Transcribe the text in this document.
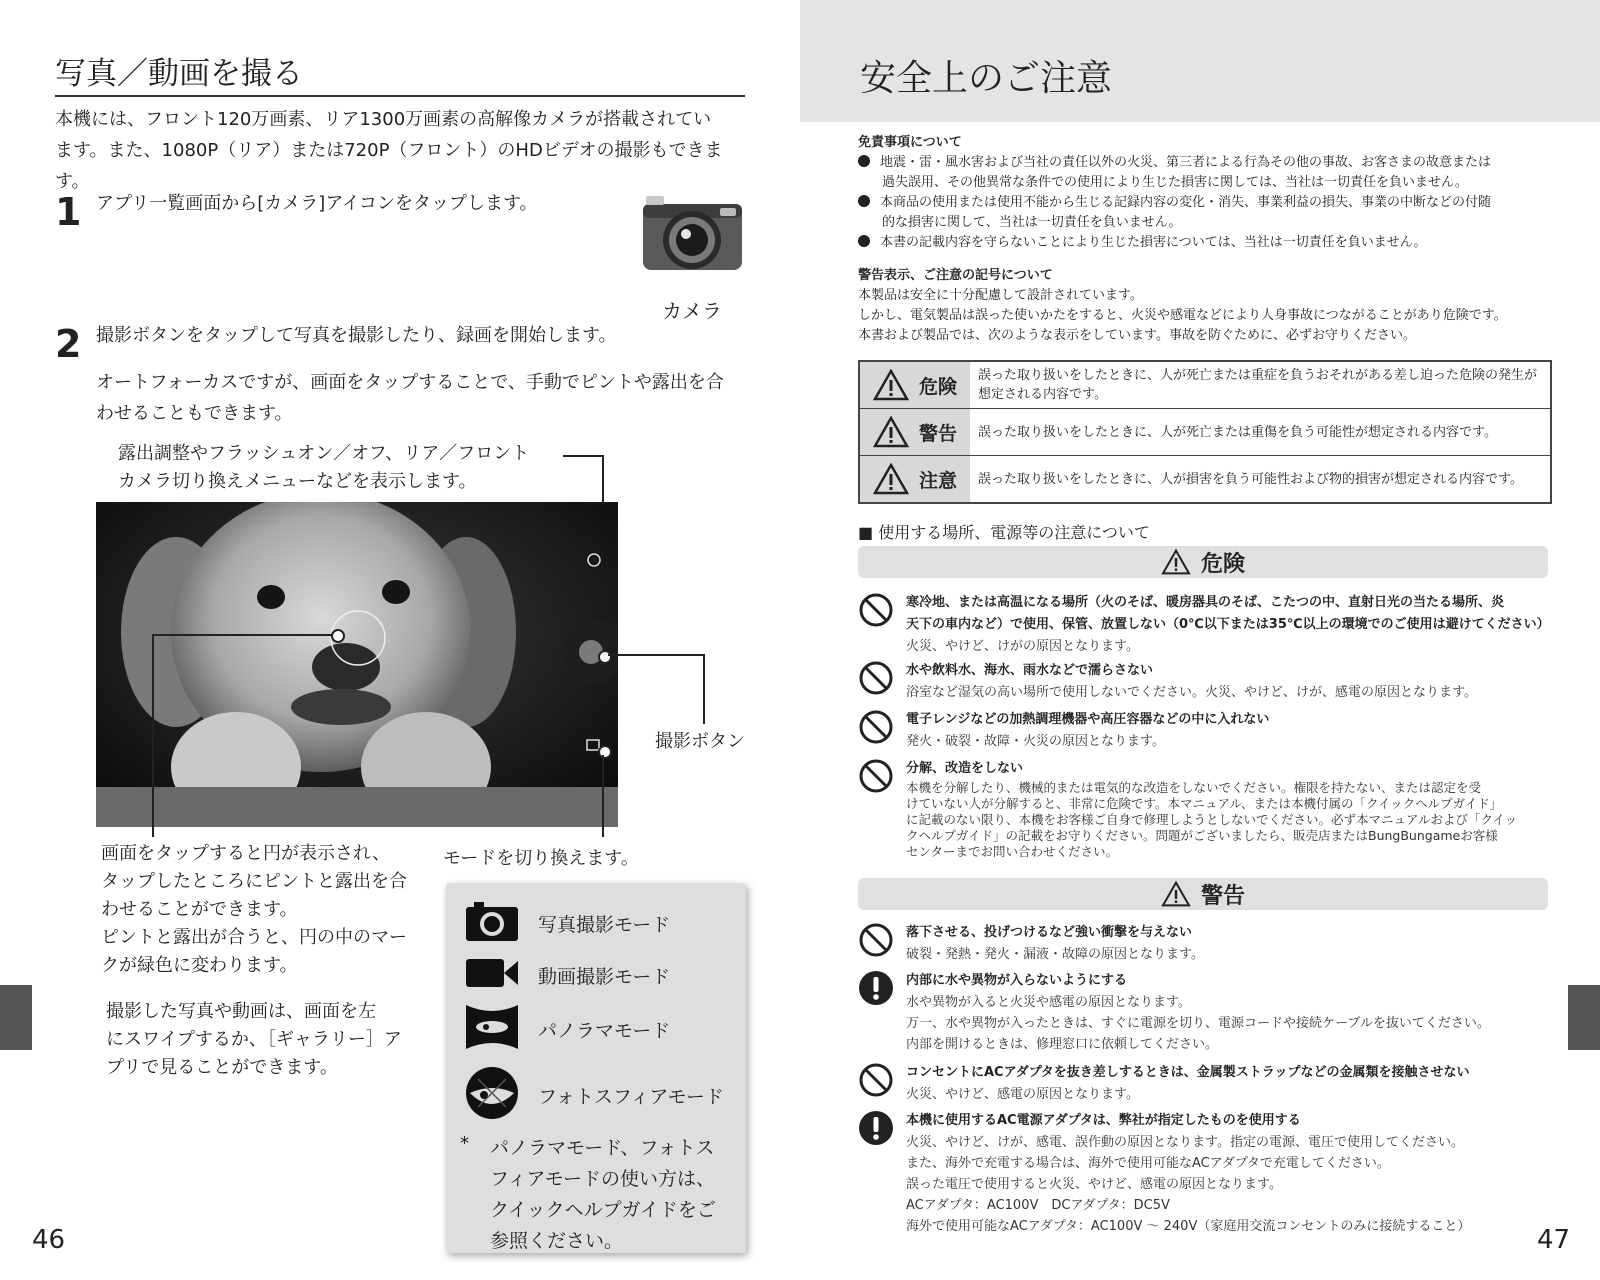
写真／動画を撮る
本機には、フロント120万画素、リア1300万画素の高解像カメラが搭載されてい
ます。また、1080P（リア）または720P（フロント）のHDビデオの撮影もできます。
1 アプリ一覧画面から[カメラ]アイコンをタップします。
カメラ
2 撮影ボタンをタップして写真を撮影したり、録画を開始します。
オートフォーカスですが、画面をタップすることで、手動でピントや露出を合
わせることもできます。
露出調整やフラッシュオン／オフ、リア／フロント
カメラ切り換えメニューなどを表示します。
撮影ボタン
画面をタップすると円が表示され、
タップしたところにピントと露出を合
わせることができます。
ピントと露出が合うと、円の中のマー
クが緑色に変わります。
モードを切り換えます。
撮影した写真や動画は、画面を左
にスワイプするか、［ギャラリー］ア
プリで見ることができます。
写真撮影モード
動画撮影モード
パノラマモード
フォトスフィアモード
* パノラマモード、フォトス
フィアモードの使い方は、
クイックヘルプガイドをご
参照ください。
46
安全上のご注意
免責事項について
地震・雷・風水害および当社の責任以外の火災、第三者による行為その他の事故、お客さまの故意または
過失誤用、その他異常な条件での使用により生じた損害に関しては、当社は一切責任を負いません。
本商品の使用または使用不能から生じる記録内容の変化・消失、事業利益の損失、事業の中断などの付随
的な損害に関して、当社は一切責任を負いません。
本書の記載内容を守らないことにより生じた損害については、当社は一切責任を負いません。
警告表示、ご注意の記号について
本製品は安全に十分配慮して設計されています。
しかし、電気製品は誤った使いかたをすると、火災や感電などにより人身事故につながることがあり危険です。
本書および製品では、次のような表示をしています。事故を防ぐために、必ずお守りください。
危険	誤った取り扱いをしたときに、人が死亡または重症を負うおそれがある差し迫った危険の発生が想定される内容です。
警告	誤った取り扱いをしたときに、人が死亡または重傷を負う可能性が想定される内容です。
注意	誤った取り扱いをしたときに、人が損害を負う可能性および物的損害が想定される内容です。
■ 使用する場所、電源等の注意について
危険
寒冷地、または高温になる場所（火のそば、暖房器具のそば、こたつの中、直射日光の当たる場所、炎
天下の車内など）で使用、保管、放置しない（0℃以下または35℃以上の環境でのご使用は避けてください）
火災、やけど、けがの原因となります。
水や飲料水、海水、雨水などで濡らさない
浴室など湿気の高い場所で使用しないでください。火災、やけど、けが、感電の原因となります。
電子レンジなどの加熱調理機器や高圧容器などの中に入れない
発火・破裂・故障・火災の原因となります。
分解、改造をしない
本機を分解したり、機械的または電気的な改造をしないでください。権限を持たない、または認定を受
けていない人が分解すると、非常に危険です。本マニュアル、または本機付属の「クイックヘルプガイド」
に記載のない限り、本機をお客様ご自身で修理しようとしないでください。必ず本マニュアルおよび「クイッ
クヘルプガイド」の記載をお守りください。問題がございましたら、販売店またはBungBungameお客様
センターまでお問い合わせください。
警告
落下させる、投げつけるなど強い衝撃を与えない
破裂・発熱・発火・漏液・故障の原因となります。
内部に水や異物が入らないようにする
水や異物が入ると火災や感電の原因となります。
万一、水や異物が入ったときは、すぐに電源を切り、電源コードや接続ケーブルを抜いてください。
内部を開けるときは、修理窓口に依頼してください。
コンセントにACアダプタを抜き差しするときは、金属製ストラップなどの金属類を接触させない
火災、やけど、感電の原因となります。
本機に使用するAC電源アダプタは、弊社が指定したものを使用する
火災、やけど、けが、感電、誤作動の原因となります。指定の電源、電圧で使用してください。
また、海外で充電する場合は、海外で使用可能なACアダプタで充電してください。
誤った電圧で使用すると火災、やけど、感電の原因となります。
ACアダプタ：AC100V　DCアダプタ：DC5V
海外で使用可能なACアダプタ：AC100V 〜 240V（家庭用交流コンセントのみに接続すること）	47
